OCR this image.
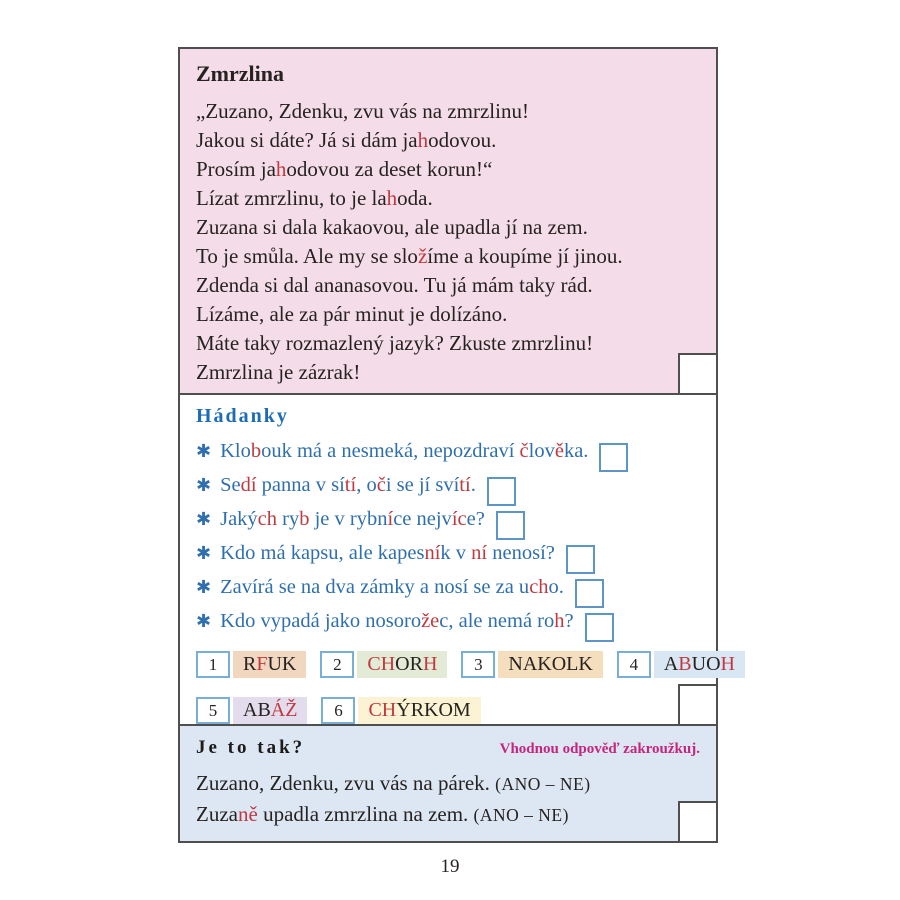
Zmrzlina

„Zuzano, Zdenku, zvu vás na zmrzlinu!

Jakou si dáte? Já si dám jahodovou.

Prosím jahodovou za deset korun!“

Lízat zmrzlinu, to je lahoda.

Zuzana si dala kakaovou, ale upadla jí na zem.

To je smůla. Ale my se složíme a koupíme jí jinou.

Zdenda si dal ananasovou. Tu já mám taky rád.

Lízáme, ale za pár minut je dolízáno.

Máte taky rozmazlený jazyk? Zkuste zmrzlinu!

Zmrzlina je zázrak!

Hádanky
✱ Klobouk má a nesmeká, nepozdraví člověka.
✱ Sedí panna v sítí, oči se jí svítí.
✱ Jakých ryb je v rybníce nejvíce?
✱ Kdo má kapsu, ale kapesník v ní nenosí?
✱ Zavírá se na dva zámky a nosí se za ucho.
✱ Kdo vypadá jako nosorožec, ale nemá roh?
1	R F UK	2	CH OR H	3	NAKOLK	4	A B UO H
5	AB ÁŽ	6	CH ÝRKOM
Je to tak?	Vhodnou odpověď zakroužkuj.

Zuzano, Zdenku, zvu vás na párek. (ANO – NE)

Zuzaně upadla zmrzlina na zem. (ANO – NE)

19
